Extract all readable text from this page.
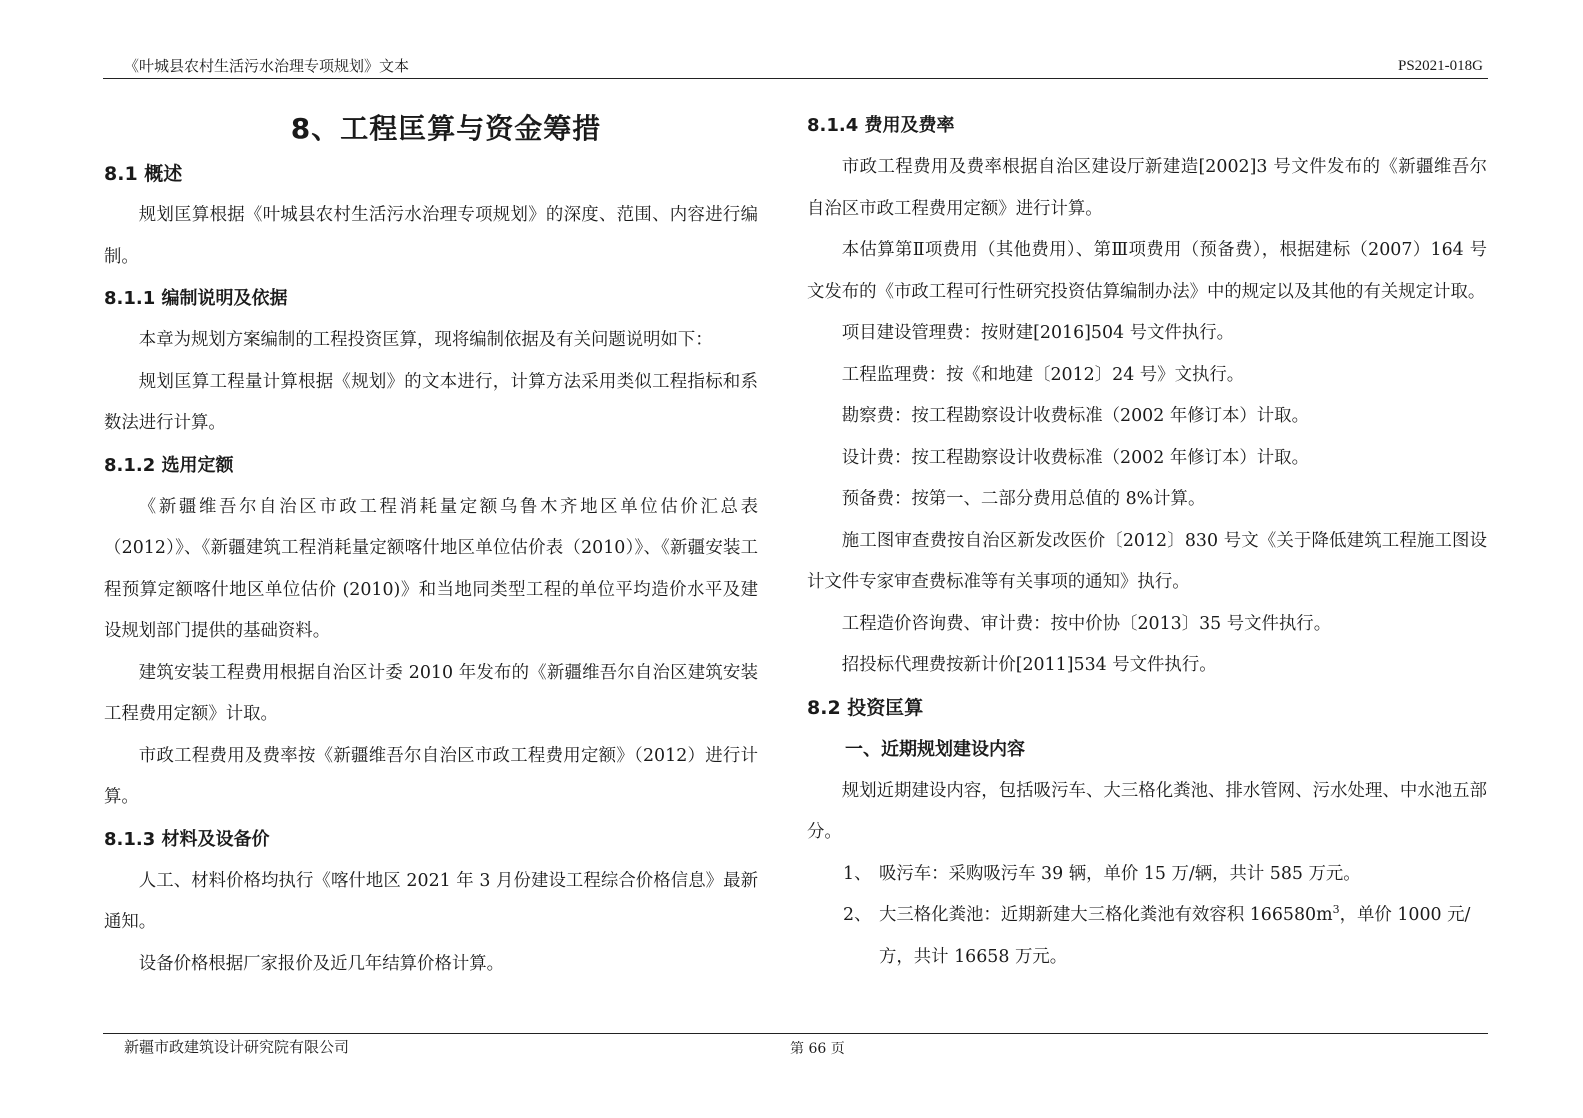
《叶城县农村生活污水治理专项规划》文本	PS2021-018G
8、工程匡算与资金筹措
8.1 概述

规划匡算根据《叶城县农村生活污水治理专项规划》的深度、范围、内容进行编制。

8.1.1 编制说明及依据

本章为规划方案编制的工程投资匡算，现将编制依据及有关问题说明如下：

规划匡算工程量计算根据《规划》的文本进行，计算方法采用类似工程指标和系数法进行计算。

8.1.2 选用定额

《新疆维吾尔自治区市政工程消耗量定额乌鲁木齐地区单位估价汇总表（2012）》、《新疆建筑工程消耗量定额喀什地区单位估价表（2010）》、《新疆安装工程预算定额喀什地区单位估价 (2010)》和当地同类型工程的单位平均造价水平及建设规划部门提供的基础资料。

建筑安装工程费用根据自治区计委 2010 年发布的《新疆维吾尔自治区建筑安装工程费用定额》计取。

市政工程费用及费率按《新疆维吾尔自治区市政工程费用定额》（2012）进行计算。

8.1.3 材料及设备价

人工、材料价格均执行《喀什地区 2021 年 3 月份建设工程综合价格信息》最新通知。

设备价格根据厂家报价及近几年结算价格计算。

8.1.4 费用及费率

市政工程费用及费率根据自治区建设厅新建造[2002]3 号文件发布的《新疆维吾尔自治区市政工程费用定额》进行计算。

本估算第Ⅱ项费用（其他费用）、第Ⅲ项费用（预备费），根据建标（2007）164 号文发布的《市政工程可行性研究投资估算编制办法》中的规定以及其他的有关规定计取。

项目建设管理费：按财建[2016]504 号文件执行。

工程监理费：按《和地建〔2012〕24 号》文执行。

勘察费：按工程勘察设计收费标准（2002 年修订本）计取。

设计费：按工程勘察设计收费标准（2002 年修订本）计取。

预备费：按第一、二部分费用总值的 8%计算。

施工图审查费按自治区新发改医价〔2012〕830 号文《关于降低建筑工程施工图设计文件专家审查费标准等有关事项的通知》执行。

工程造价咨询费、审计费：按中价协〔2013〕35 号文件执行。

招投标代理费按新计价[2011]534 号文件执行。

8.2 投资匡算
一、近期规划建设内容

规划近期建设内容，包括吸污车、大三格化粪池、排水管网、污水处理、中水池五部分。

1、 吸污车：采购吸污车 39 辆，单价 15 万/辆，共计 585 万元。

2、 大三格化粪池：近期新建大三格化粪池有效容积 $166580m^3$，单价 1000 元/方，共计 16658 万元。

新疆市政建筑设计研究院有限公司	第 66 页
